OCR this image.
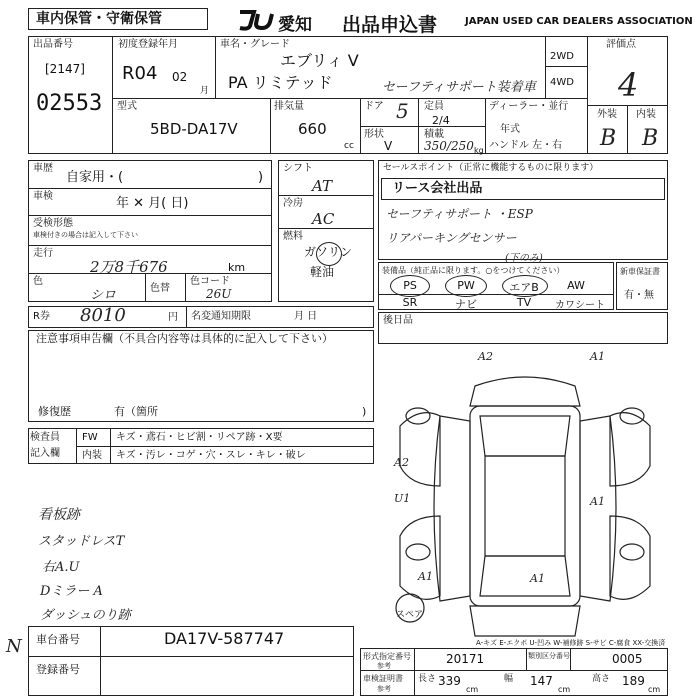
車内保管・守衛保管	愛知 出品申込書	JAPAN USED CAR DEALERS ASSOCIATION
出品番号
[2147]
02553
初度登録年月
R04 02
月
車名・グレード
エブリィ V
PA リミテッド	セーフティサポート装着車
2WD
4WD
評価点
4
外装 内装
B B
型式
5BD-DA17V
排気量
660
cc
ドア 5
形状
V
定員
2/4
積載
350/250 kg
ディーラー・並行
年式
ハンドル 左・右
車歴
自家用・(	)
車検	年 ✕ 月( 日)
受検形態
車検付きの場合は記入して下さい
走行
2万8千676	km
色
シロ	色替
色コード
26U
シフト
AT
冷房
AC
燃料
ガソリン
軽油
R券 8010	円 名変通知期限	月 日
セールスポイント（正常に機能するものに限ります）
リース会社出品
セーフティサポート ・ESP
リアパーキングセンサー
装備品（純正品に限ります。○をつけてください）
(下のみ)
PS	PW	エアB	AW
SR	ナビ	TV	カワシート
新車保証書
有・無
後日品
注意事項申告欄（不具合内容等は具体的に記入して下さい）
修復歴	有（箇所	)
検査員
記入欄
FW キズ・鳶石・ヒビ割・リペア跡・X要
内装 キズ・汚レ・コゲ・穴・スレ・キレ・破レ
看板跡
スタッドレスT
右A.U
Dミラー A
ダッシュのり跡
N
A2	A1
A2
U1	A1
A1	A1
スペア
A-キズ E-エクボ U-凹み W-補修跡 S-サビ C-腐食 XX-交換済
車台番号	DA17V-587747
登録番号
形式指定番号
参考	20171	類別区分番号	0005
車検証明書
参考
長さ 339
cm
幅 147
cm
高さ 189
cm
